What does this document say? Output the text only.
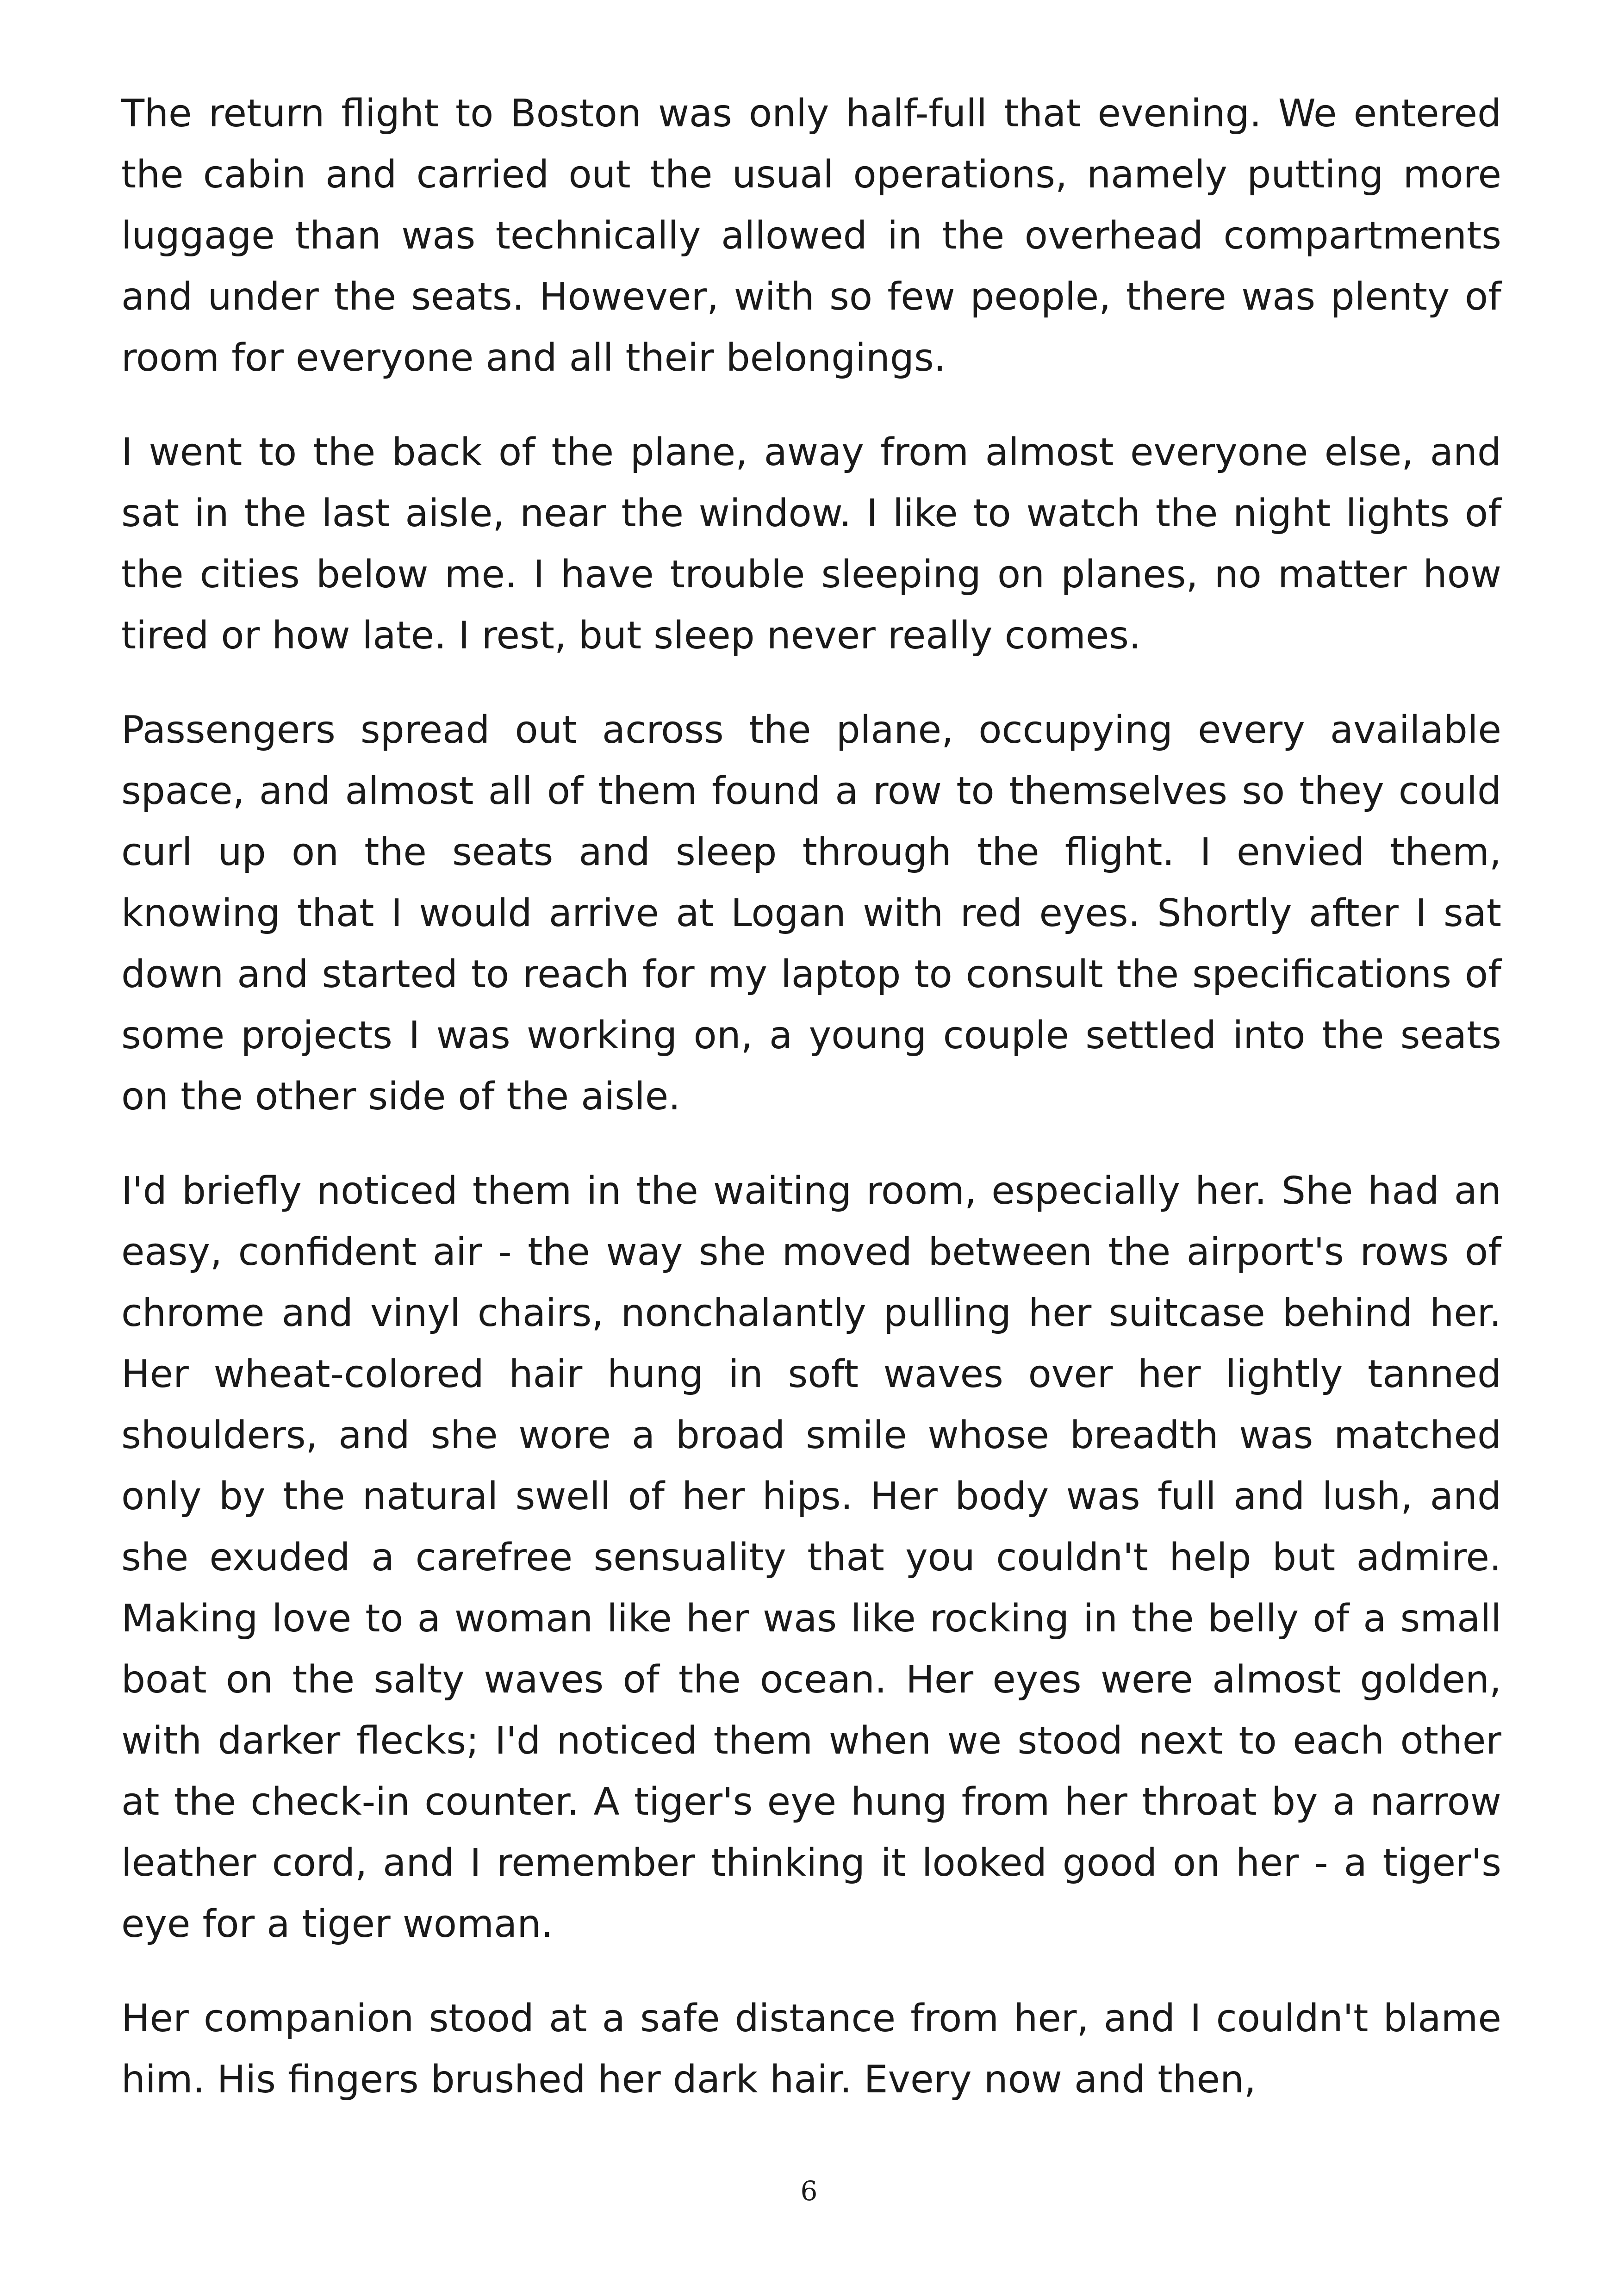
The return flight to Boston was only half-full that evening. We entered the cabin and carried out the usual operations, namely putting more luggage than was technically allowed in the overhead compartments and under the seats. However, with so few people, there was plenty of room for everyone and all their belongings.

I went to the back of the plane, away from almost everyone else, and sat in the last aisle, near the window. I like to watch the night lights of the cities below me. I have trouble sleeping on planes, no matter how tired or how late. I rest, but sleep never really comes.

Passengers spread out across the plane, occupying every available space, and almost all of them found a row to themselves so they could curl up on the seats and sleep through the flight. I envied them, knowing that I would arrive at Logan with red eyes. Shortly after I sat down and started to reach for my laptop to consult the specifications of some projects I was working on, a young couple settled into the seats on the other side of the aisle.

I'd briefly noticed them in the waiting room, especially her. She had an easy, confident air - the way she moved between the airport's rows of chrome and vinyl chairs, nonchalantly pulling her suitcase behind her. Her wheat-colored hair hung in soft waves over her lightly tanned shoulders, and she wore a broad smile whose breadth was matched only by the natural swell of her hips. Her body was full and lush, and she exuded a carefree sensuality that you couldn't help but admire. Making love to a woman like her was like rocking in the belly of a small boat on the salty waves of the ocean. Her eyes were almost golden, with darker flecks; I'd noticed them when we stood next to each other at the check-in counter. A tiger's eye hung from her throat by a narrow leather cord, and I remember thinking it looked good on her - a tiger's eye for a tiger woman.

Her companion stood at a safe distance from her, and I couldn't blame him. His fingers brushed her dark hair. Every now and then,

6
